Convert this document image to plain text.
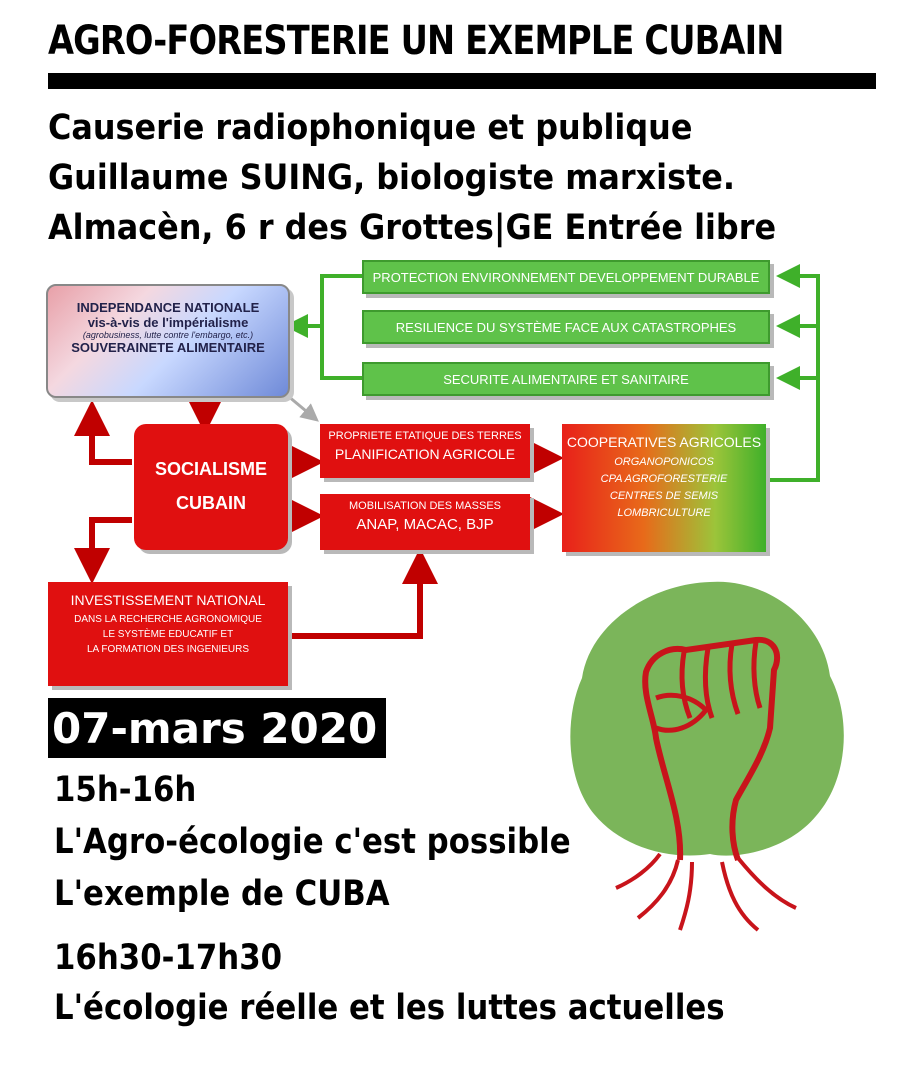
AGRO-FORESTERIE UN EXEMPLE CUBAIN
Causerie radiophonique et publique
Guillaume SUING, biologiste marxiste.
Almacèn, 6 r des Grottes|GE Entrée libre
INDEPENDANCE NATIONALE
vis-à-vis de l'impérialisme
(agrobusiness, lutte contre l'embargo, etc.)
SOUVERAINETE ALIMENTAIRE
PROTECTION ENVIRONNEMENT DEVELOPPEMENT DURABLE
RESILIENCE DU SYSTÈME FACE AUX CATASTROPHES
SECURITE ALIMENTAIRE ET SANITAIRE
SOCIALISME
CUBAIN
PROPRIETE ETATIQUE DES TERRES
PLANIFICATION AGRICOLE
MOBILISATION DES MASSES
ANAP, MACAC, BJP
COOPERATIVES AGRICOLES
ORGANOPONICOS
CPA AGROFORESTERIE
CENTRES DE SEMIS
LOMBRICULTURE
INVESTISSEMENT NATIONAL
DANS LA RECHERCHE AGRONOMIQUE
LE SYSTÈME EDUCATIF ET
LA FORMATION DES INGENIEURS
07-mars 2020
15h-16h
L'Agro-écologie c'est possible
L'exemple de CUBA
16h30-17h30
L'écologie réelle et les luttes actuelles
